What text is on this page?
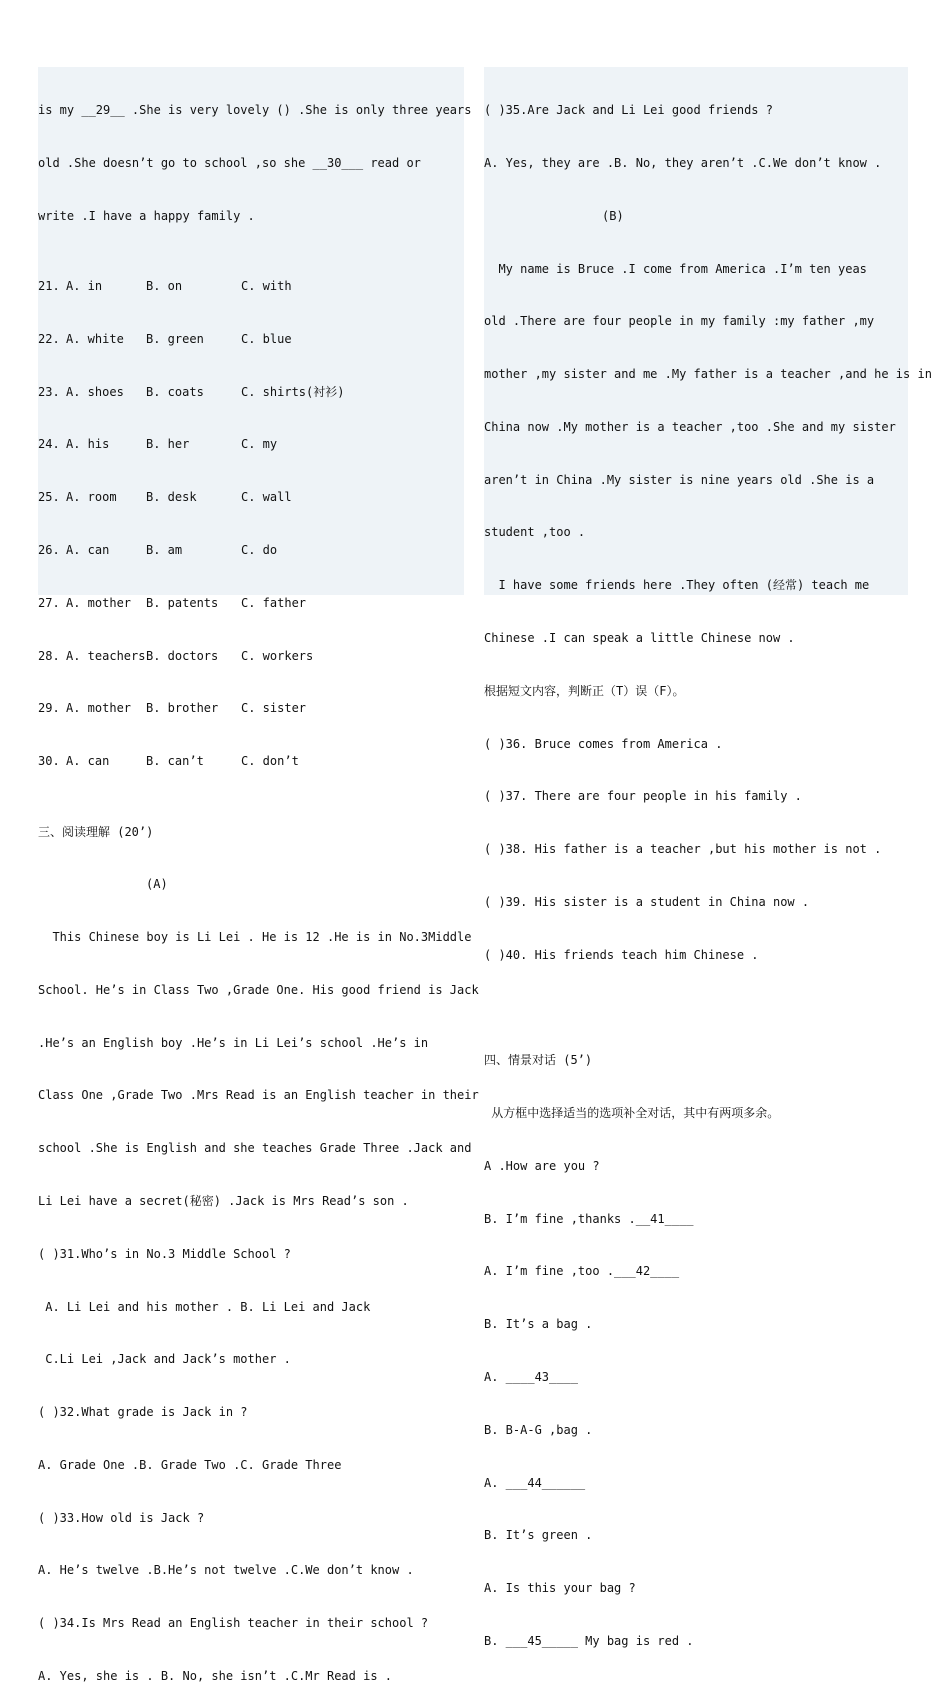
is my __29__ .She is very lovely () .She is only three years

old .She doesn’t go to school ,so she __30___ read or

write .I have a happy family .

21. A. in	B. on	C. with

22. A. white B. green	C. blue

23. A. shoes B. coats	C. shirts(衬衫)

24. A. his	B. her	C. my

25. A. room B. desk	C. wall

26. A. can	B. am	C. do

27. A. mother B. patents C. father

28. A. teachersB. doctors C. workers

29. A. mother B. brother C. sister

30. A. can	B. can’t	C. don’t

三、阅读理解 (20’)

(A)

This Chinese boy is Li Lei . He is 12 .He is in No.3Middle

School. He’s in Class Two ,Grade One. His good friend is Jack

.He’s an English boy .He’s in Li Lei’s school .He’s in

Class One ,Grade Two .Mrs Read is an English teacher in their

school .She is English and she teaches Grade Three .Jack and

Li Lei have a secret(秘密) .Jack is Mrs Read’s son .

( )31.Who’s in No.3 Middle School ?

A. Li Lei and his mother . B. Li Lei and Jack

C.Li Lei ,Jack and Jack’s mother .

( )32.What grade is Jack in ?

A. Grade One .B. Grade Two .C. Grade Three

( )33.How old is Jack ?

A. He’s twelve .B.He’s not twelve .C.We don’t know .

( )34.Is Mrs Read an English teacher in their school ?

A. Yes, she is . B. No, she isn’t .C.Mr Read is .

( )35.Are Jack and Li Lei good friends ?

A. Yes, they are .B. No, they aren’t .C.We don’t know .

(B)

My name is Bruce .I come from America .I’m ten yeas

old .There are four people in my family :my father ,my

mother ,my sister and me .My father is a teacher ,and he is in

China now .My mother is a teacher ,too .She and my sister

aren’t in China .My sister is nine years old .She is a

student ,too .

I have some friends here .They often (经常) teach me

Chinese .I can speak a little Chinese now .

根据短文内容，判断正（T）误（F）。

( )36. Bruce comes from America .

( )37. There are four people in his family .

( )38. His father is a teacher ,but his mother is not .

( )39. His sister is a student in China now .

( )40. His friends teach him Chinese .

四、情景对话 (5’)

从方框中选择适当的选项补全对话，其中有两项多余。

A .How are you ?

B. I’m fine ,thanks .__41____

A. I’m fine ,too .___42____

B. It’s a bag .

A. ____43____

B. B-A-G ,bag .

A. ___44______

B. It’s green .

A. Is this your bag ?

B. ___45_____ My bag is red .
